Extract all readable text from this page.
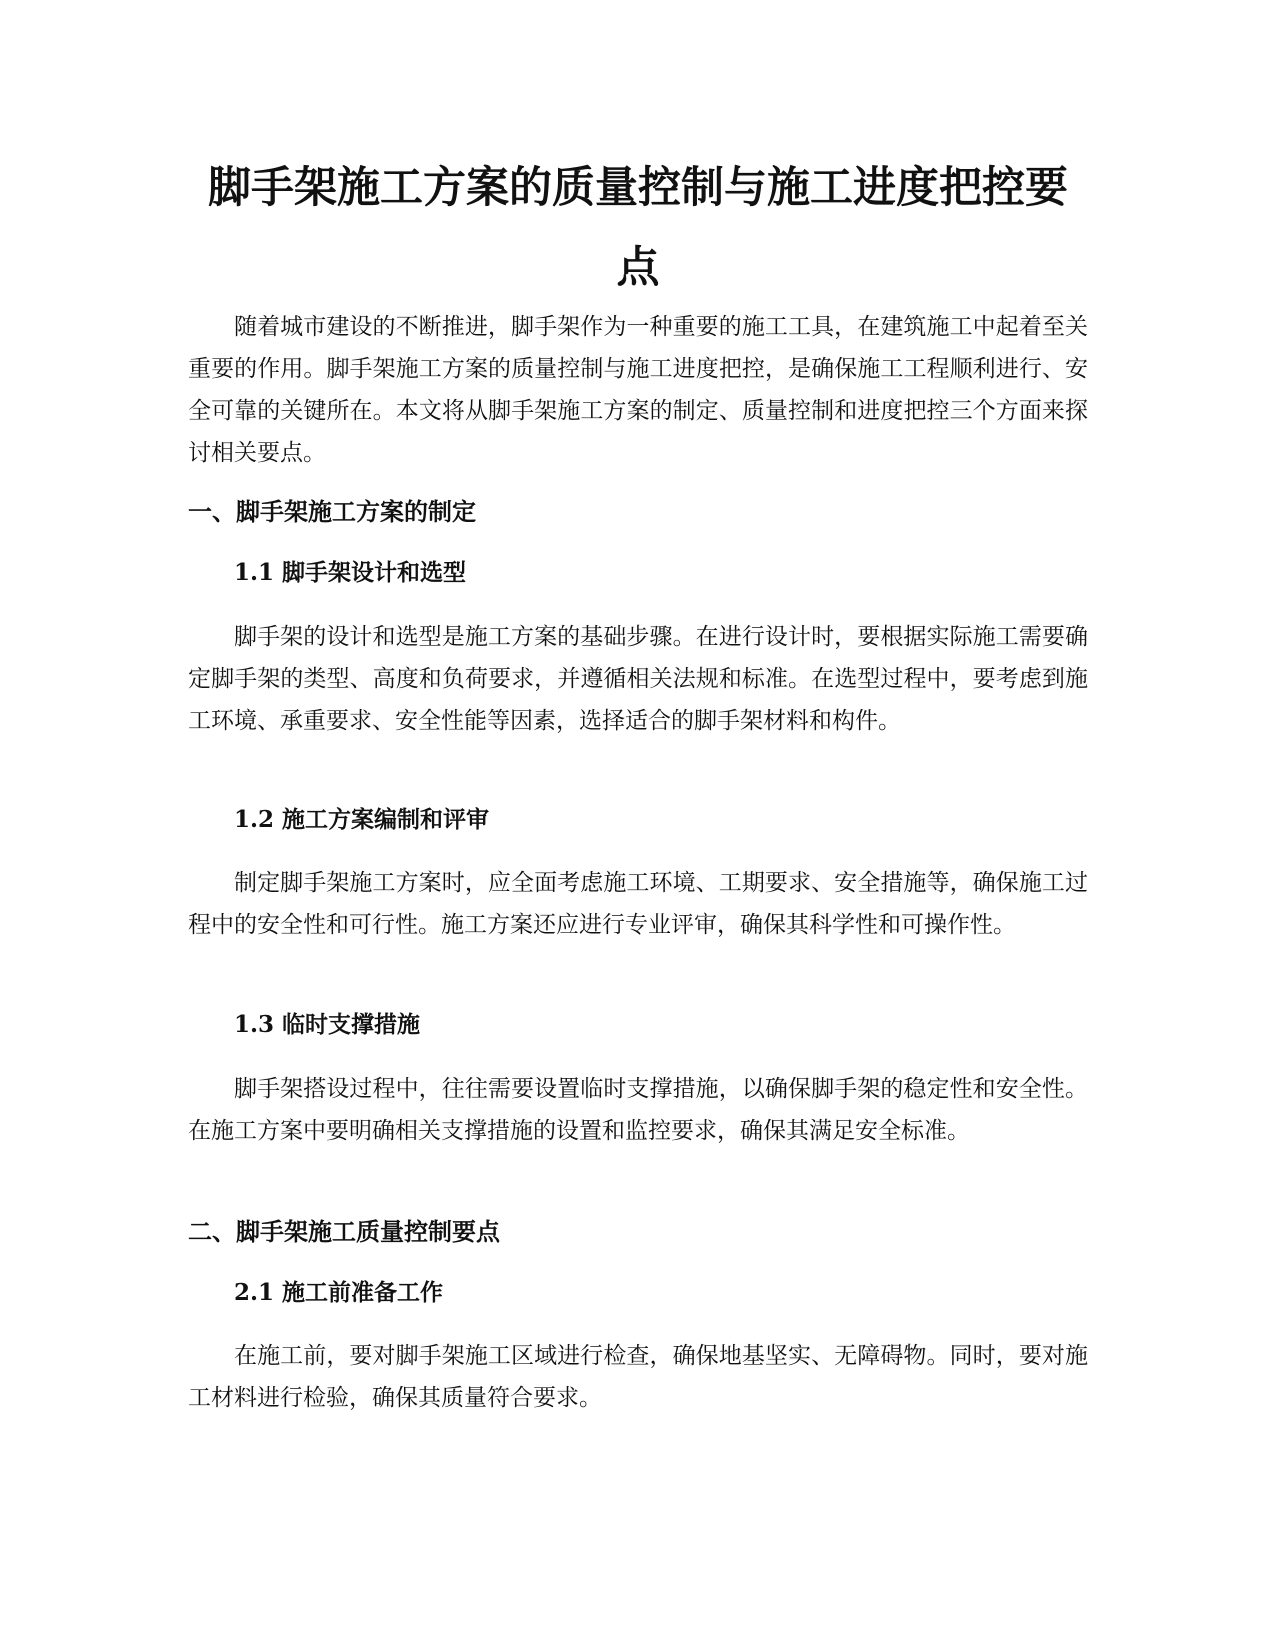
脚手架施工方案的质量控制与施工进度把控要点

随着城市建设的不断推进，脚手架作为一种重要的施工工具，在建筑施工中起着至关重要的作用。脚手架施工方案的质量控制与施工进度把控，是确保施工工程顺利进行、安全可靠的关键所在。本文将从脚手架施工方案的制定、质量控制和进度把控三个方面来探讨相关要点。

一、脚手架施工方案的制定
1.1 脚手架设计和选型

脚手架的设计和选型是施工方案的基础步骤。在进行设计时，要根据实际施工需要确定脚手架的类型、高度和负荷要求，并遵循相关法规和标准。在选型过程中，要考虑到施工环境、承重要求、安全性能等因素，选择适合的脚手架材料和构件。

1.2 施工方案编制和评审

制定脚手架施工方案时，应全面考虑施工环境、工期要求、安全措施等，确保施工过程中的安全性和可行性。施工方案还应进行专业评审，确保其科学性和可操作性。

1.3 临时支撑措施

脚手架搭设过程中，往往需要设置临时支撑措施，以确保脚手架的稳定性和安全性。在施工方案中要明确相关支撑措施的设置和监控要求，确保其满足安全标准。

二、脚手架施工质量控制要点
2.1 施工前准备工作

在施工前，要对脚手架施工区域进行检查，确保地基坚实、无障碍物。同时，要对施工材料进行检验，确保其质量符合要求。
